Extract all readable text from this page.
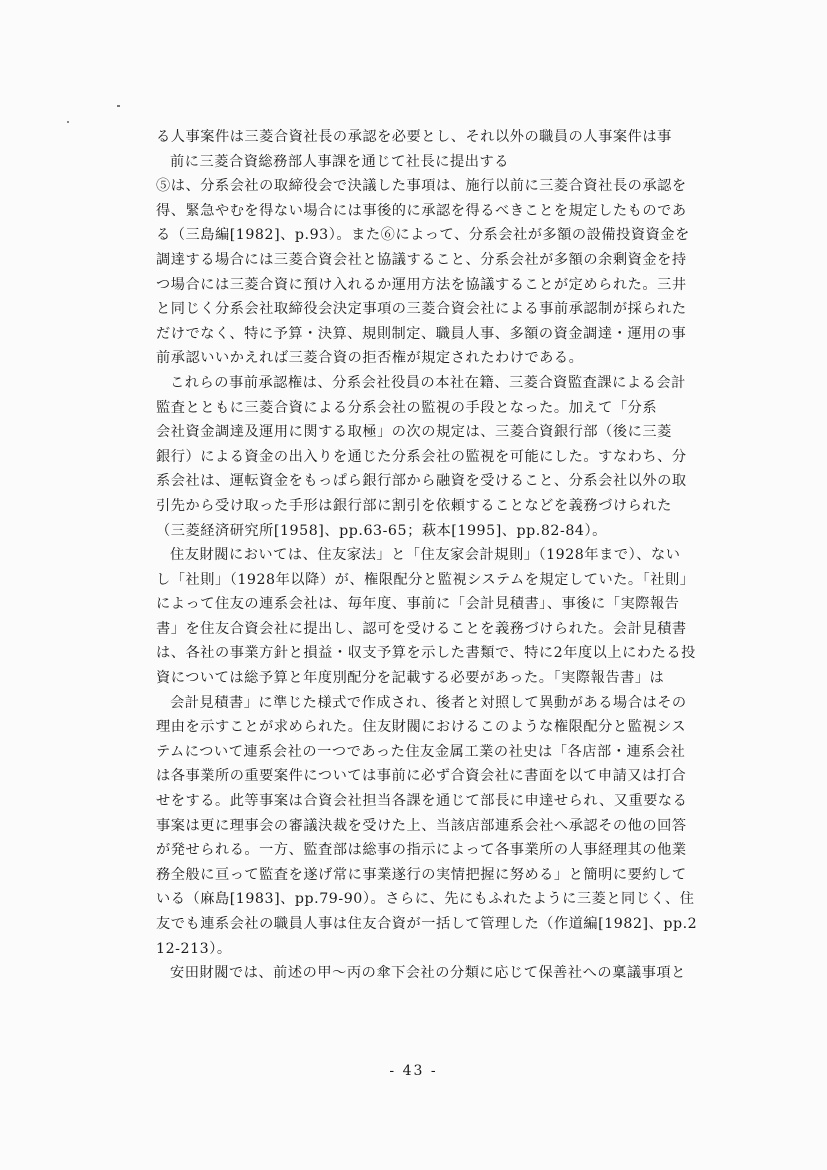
る人事案件は三菱合資社長の承認を必要とし、それ以外の職員の人事案件は事
前に三菱合資総務部人事課を通じて社長に提出する
⑤は、分系会社の取締役会で決議した事項は、施行以前に三菱合資社長の承認を
得、緊急やむを得ない場合には事後的に承認を得るべきことを規定したものであ
る（三島編[1982]、p.93）。また⑥によって、分系会社が多額の設備投資資金を
調達する場合には三菱合資会社と協議すること、分系会社が多額の余剰資金を持
つ場合には三菱合資に預け入れるか運用方法を協議することが定められた。三井
と同じく分系会社取締役会決定事項の三菱合資会社による事前承認制が採られた
だけでなく、特に予算・決算、規則制定、職員人事、多額の資金調達・運用の事
前承認いいかえれば三菱合資の拒否権が規定されたわけである。
これらの事前承認権は、分系会社役員の本社在籍、三菱合資監査課による会計
監査とともに三菱合資による分系会社の監視の手段となった。加えて「分系
会社資金調達及運用に関する取極」の次の規定は、三菱合資銀行部（後に三菱
銀行）による資金の出入りを通じた分系会社の監視を可能にした。すなわち、分
系会社は、運転資金をもっぱら銀行部から融資を受けること、分系会社以外の取
引先から受け取った手形は銀行部に割引を依頼することなどを義務づけられた
（三菱経済研究所[1958]、pp.63-65；萩本[1995]、pp.82-84）。
住友財閥においては、住友家法」と「住友家会計規則」（1928年まで）、ない
し「社則」（1928年以降）が、権限配分と監視システムを規定していた。「社則」
によって住友の連系会社は、毎年度、事前に「会計見積書」、事後に「実際報告
書」を住友合資会社に提出し、認可を受けることを義務づけられた。会計見積書
は、各社の事業方針と損益・収支予算を示した書類で、特に2年度以上にわたる投
資については総予算と年度別配分を記載する必要があった。「実際報告書」は
会計見積書」に準じた様式で作成され、後者と対照して異動がある場合はその
理由を示すことが求められた。住友財閥におけるこのような権限配分と監視シス
テムについて連系会社の一つであった住友金属工業の社史は「各店部・連系会社
は各事業所の重要案件については事前に必ず合資会社に書面を以て申請又は打合
せをする。此等事案は合資会社担当各課を通じて部長に申達せられ、又重要なる
事案は更に理事会の審議決裁を受けた上、当該店部連系会社へ承認その他の回答
が発せられる。一方、監査部は総事の指示によって各事業所の人事経理其の他業
務全般に亘って監査を遂げ常に事業遂行の実情把握に努める」と簡明に要約して
いる（麻島[1983]、pp.79-90）。さらに、先にもふれたように三菱と同じく、住
友でも連系会社の職員人事は住友合資が一括して管理した（作道編[1982]、pp.2
12-213）。
安田財閥では、前述の甲～丙の傘下会社の分類に応じて保善社への稟議事項と
- 43 -
